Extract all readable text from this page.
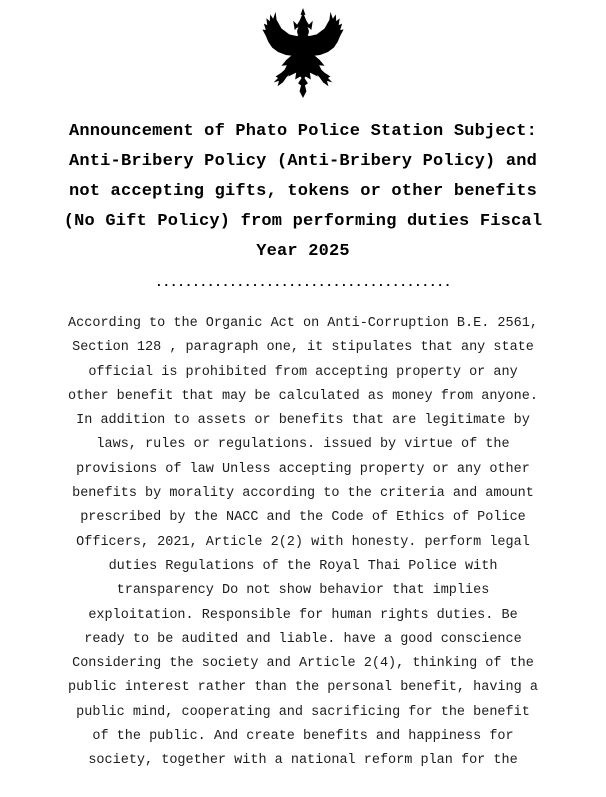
Announcement of Phato Police Station Subject:
Anti-Bribery Policy (Anti-Bribery Policy) and
not accepting gifts, tokens or other benefits
(No Gift Policy) from performing duties Fiscal
Year 2025
........................................
According to the Organic Act on Anti-Corruption B.E. 2561,
Section 128 , paragraph one, it stipulates that any state
official is prohibited from accepting property or any
other benefit that may be calculated as money from anyone.
In addition to assets or benefits that are legitimate by
laws, rules or regulations. issued by virtue of the
provisions of law Unless accepting property or any other
benefits by morality according to the criteria and amount
prescribed by the NACC and the Code of Ethics of Police
Officers, 2021, Article 2(2) with honesty. perform legal
duties Regulations of the Royal Thai Police with
transparency Do not show behavior that implies
exploitation. Responsible for human rights duties. Be
ready to be audited and liable. have a good conscience
Considering the society and Article 2(4), thinking of the
public interest rather than the personal benefit, having a
public mind, cooperating and sacrificing for the benefit
of the public. And create benefits and happiness for
society, together with a national reform plan for the
